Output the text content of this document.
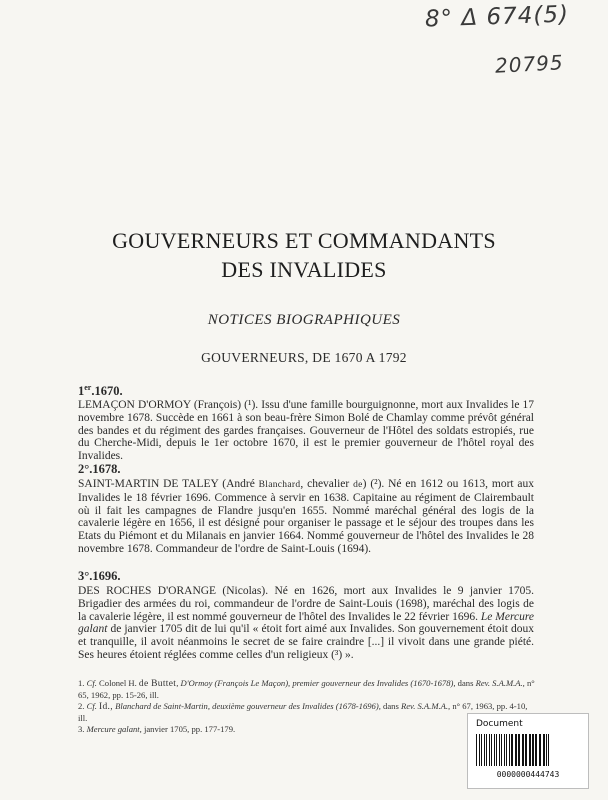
8° Δ 674(5)
20795
GOUVERNEURS ET COMMANDANTS
DES INVALIDES
NOTICES BIOGRAPHIQUES
GOUVERNEURS, DE 1670 A 1792
1er.1670.
LEMAÇON D'ORMOY (François) (¹). Issu d'une famille bourguignonne, mort aux Invalides le 17 novembre 1678. Succède en 1661 à son beau-frère Simon Bolé de Chamlay comme prévôt général des bandes et du régiment des gardes françaises. Gouverneur de l'Hôtel des soldats estropiés, rue du Cherche-Midi, depuis le 1er octobre 1670, il est le premier gouverneur de l'hôtel royal des Invalides.
2°.1678.
SAINT-MARTIN DE TALEY (André Blanchard, chevalier de) (²). Né en 1612 ou 1613, mort aux Invalides le 18 février 1696. Commence à servir en 1638. Capitaine au régiment de Clairembault où il fait les campagnes de Flandre jusqu'en 1655. Nommé maréchal général des logis de la cavalerie légère en 1656, il est désigné pour organiser le passage et le séjour des troupes dans les Etats du Piémont et du Milanais en janvier 1664. Nommé gouverneur de l'hôtel des Invalides le 28 novembre 1678. Commandeur de l'ordre de Saint-Louis (1694).
3°.1696.
DES ROCHES D'ORANGE (Nicolas). Né en 1626, mort aux Invalides le 9 janvier 1705. Brigadier des armées du roi, commandeur de l'ordre de Saint-Louis (1698), maréchal des logis de la cavalerie légère, il est nommé gouverneur de l'hôtel des Invalides le 22 février 1696. Le Mercure galant de janvier 1705 dit de lui qu'il « étoit fort aimé aux Invalides. Son gouvernement étoit doux et tranquille, il avoit néanmoins le secret de se faire craindre [...] il vivoit dans une grande piété. Ses heures étoient réglées comme celles d'un religieux (³) ».
1. Cf. Colonel H. de Buttet, D'Ormoy (François Le Maçon), premier gouverneur des Invalides (1670-1678), dans Rev. S.A.M.A., n° 65, 1962, pp. 15-26, ill.
2. Cf. Id., Blanchard de Saint-Martin, deuxième gouverneur des Invalides (1678-1696), dans Rev. S.A.M.A., n° 67, 1963, pp. 4-10, ill.
3. Mercure galant, janvier 1705, pp. 177-179.	Document
0000000444743
